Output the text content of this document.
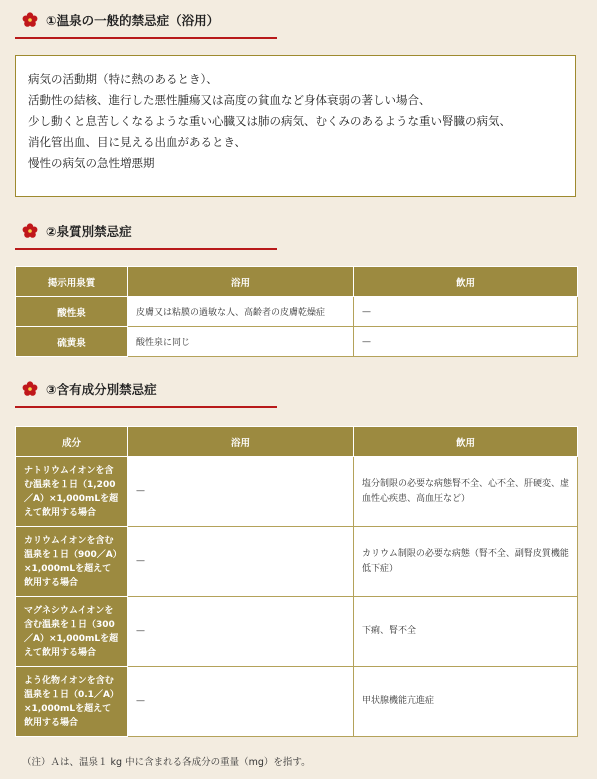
①温泉の一般的禁忌症（浴用）
病気の活動期（特に熱のあるとき）、
活動性の結核、進行した悪性腫瘍又は高度の貧血など身体衰弱の著しい場合、
少し動くと息苦しくなるような重い心臓又は肺の病気、むくみのあるような重い腎臓の病気、
消化管出血、目に見える出血があるとき、
慢性の病気の急性増悪期
②泉質別禁忌症
掲示用泉質	浴用	飲用
酸性泉	皮膚又は粘膜の過敏な人、高齢者の皮膚乾燥症	—
硫黄泉	酸性泉に同じ	—
③含有成分別禁忌症
成分	浴用	飲用
ナトリウムイオンを含む温泉を１日（1,200／A）×1,000mLを超えて飲用する場合	—	塩分制限の必要な病態腎不全、心不全、肝硬変、虚血性心疾患、高血圧など）
カリウムイオンを含む温泉を１日（900／A）×1,000mLを超えて飲用する場合	—	カリウム制限の必要な病態（腎不全、副腎皮質機能低下症）
マグネシウムイオンを含む温泉を１日（300／A）×1,000mLを超えて飲用する場合	—	下痢、腎不全
よう化物イオンを含む温泉を１日（0.1／A）×1,000mLを超えて飲用する場合	—	甲状腺機能亢進症
（注）Ａは、温泉１ kg 中に含まれる各成分の重量（mg）を指す。
